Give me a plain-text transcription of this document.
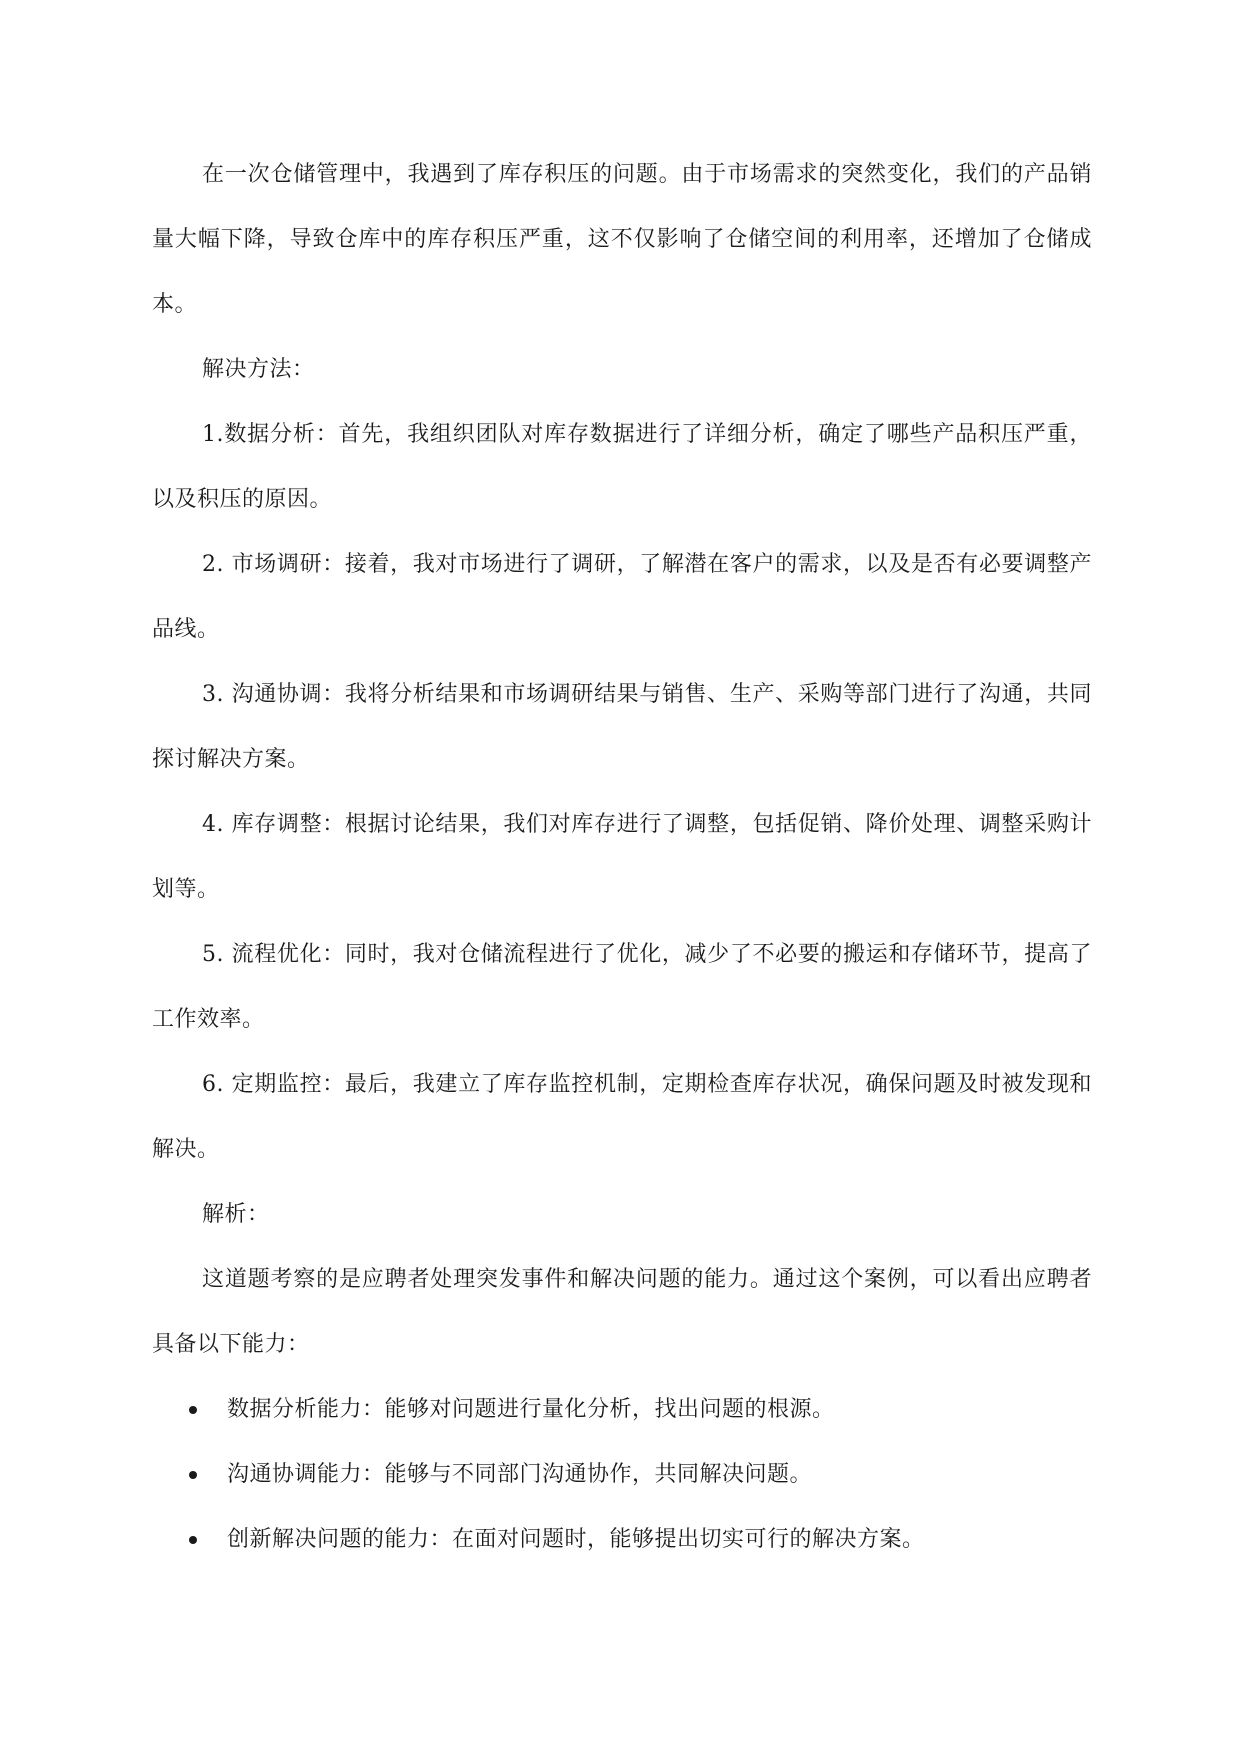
在一次仓储管理中，我遇到了库存积压的问题。由于市场需求的突然变化，我们的产品销量大幅下降，导致仓库中的库存积压严重，这不仅影响了仓储空间的利用率，还增加了仓储成本。

解决方法：

1.数据分析：首先，我组织团队对库存数据进行了详细分析，确定了哪些产品积压严重，以及积压的原因。

2. 市场调研：接着，我对市场进行了调研，了解潜在客户的需求，以及是否有必要调整产品线。

3. 沟通协调：我将分析结果和市场调研结果与销售、生产、采购等部门进行了沟通，共同探讨解决方案。

4. 库存调整：根据讨论结果，我们对库存进行了调整，包括促销、降价处理、调整采购计划等。

5. 流程优化：同时，我对仓储流程进行了优化，减少了不必要的搬运和存储环节，提高了工作效率。

6. 定期监控：最后，我建立了库存监控机制，定期检查库存状况，确保问题及时被发现和解决。

解析：

这道题考察的是应聘者处理突发事件和解决问题的能力。通过这个案例，可以看出应聘者具备以下能力：

数据分析能力：能够对问题进行量化分析，找出问题的根源。
沟通协调能力：能够与不同部门沟通协作，共同解决问题。
创新解决问题的能力：在面对问题时，能够提出切实可行的解决方案。
